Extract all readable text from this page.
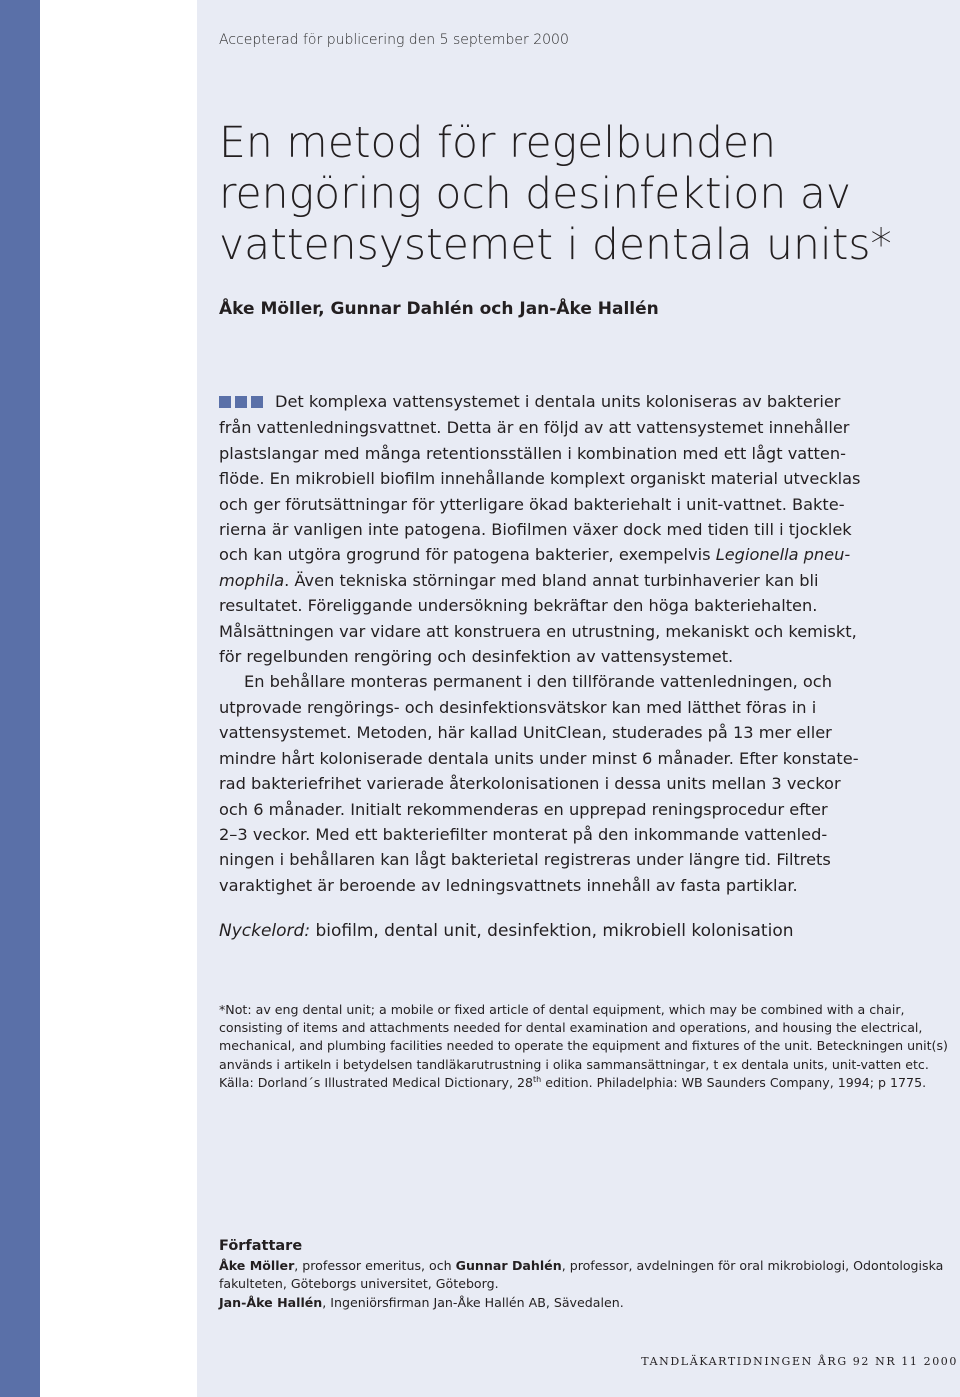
Accepterad för publicering den 5 september 2000
En metod för regelbunden
rengöring och desinfektion av
vattensystemet i dentala units*
Åke Möller, Gunnar Dahlén och Jan-Åke Hallén
Det komplexa vattensystemet i dentala units koloniseras av bakterier
från vattenledningsvattnet. Detta är en följd av att vattensystemet innehåller
plastslangar med många retentionsställen i kombination med ett lågt vatten-
flöde. En mikrobiell biofilm innehållande komplext organiskt material utvecklas
och ger förutsättningar för ytterligare ökad bakteriehalt i unit-vattnet. Bakte-
rierna är vanligen inte patogena. Biofilmen växer dock med tiden till i tjocklek
och kan utgöra grogrund för patogena bakterier, exempelvis Legionella pneu-
mophila. Även tekniska störningar med bland annat turbinhaverier kan bli
resultatet. Föreliggande undersökning bekräftar den höga bakteriehalten.
Målsättningen var vidare att konstruera en utrustning, mekaniskt och kemiskt,
för regelbunden rengöring och desinfektion av vattensystemet.
En behållare monteras permanent i den tillförande vattenledningen, och
utprovade rengörings- och desinfektionsvätskor kan med lätthet föras in i
vattensystemet. Metoden, här kallad UnitClean, studerades på 13 mer eller
mindre hårt koloniserade dentala units under minst 6 månader. Efter konstate-
rad bakteriefrihet varierade återkolonisationen i dessa units mellan 3 veckor
och 6 månader. Initialt rekommenderas en upprepad reningsprocedur efter
2–3 veckor. Med ett bakteriefilter monterat på den inkommande vattenled-
ningen i behållaren kan lågt bakterietal registreras under längre tid. Filtrets
varaktighet är beroende av ledningsvattnets innehåll av fasta partiklar.
Nyckelord: biofilm, dental unit, desinfektion, mikrobiell kolonisation
*Not: av eng dental unit; a mobile or fixed article of dental equipment, which may be combined with a chair,
consisting of items and attachments needed for dental examination and operations, and housing the electrical,
mechanical, and plumbing facilities needed to operate the equipment and fixtures of the unit. Beteckningen unit(s)
används i artikeln i betydelsen tandläkarutrustning i olika sammansättningar, t ex dentala units, unit-vatten etc.
Källa: Dorland´s Illustrated Medical Dictionary, 28th edition. Philadelphia: WB Saunders Company, 1994; p 1775.
Författare
Åke Möller, professor emeritus, och Gunnar Dahlén, professor, avdelningen för oral mikrobiologi, Odontologiska
fakulteten, Göteborgs universitet, Göteborg.
Jan-Åke Hallén, Ingeniörsfirman Jan-Åke Hallén AB, Sävedalen.
TANDLÄKARTIDNINGEN ÅRG 92 NR 11 2000
